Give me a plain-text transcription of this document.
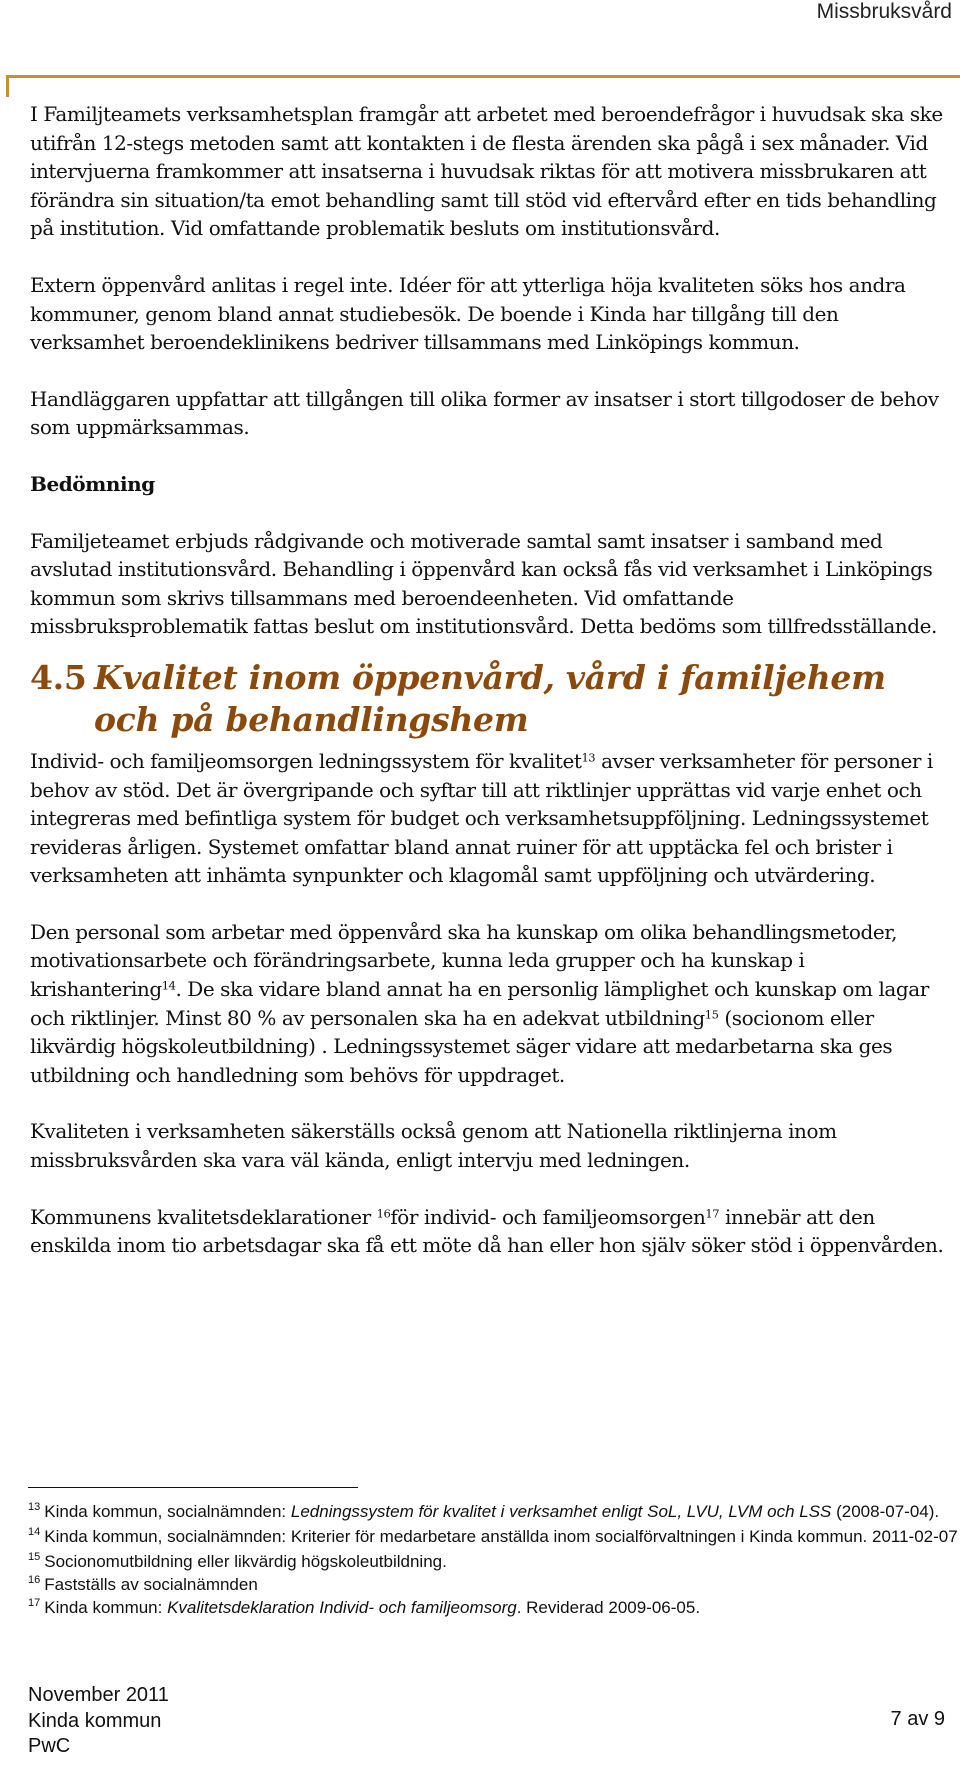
Missbruksvård

I Familjteamets verksamhetsplan framgår att arbetet med beroendefrågor i huvudsak ska ske utifrån 12-stegs metoden samt att kontakten i de flesta ärenden ska pågå i sex månader. Vid intervjuerna framkommer att insatserna i huvudsak riktas för att motivera missbrukaren att förändra sin situation/ta emot behandling samt till stöd vid eftervård efter en tids behandling på institution. Vid omfattande problematik besluts om institutionsvård.

Extern öppenvård anlitas i regel inte. Idéer för att ytterliga höja kvaliteten söks hos andra kommuner, genom bland annat studiebesök. De boende i Kinda har tillgång till den verksamhet beroendeklinikens bedriver tillsammans med Linköpings kommun.

Handläggaren uppfattar att tillgången till olika former av insatser i stort tillgodoser de behov som uppmärksammas.

Bedömning

Familjeteamet erbjuds rådgivande och motiverade samtal samt insatser i samband med avslutad institutionsvård. Behandling i öppenvård kan också fås vid verksamhet i Linköpings kommun som skrivs tillsammans med beroendeenheten. Vid omfattande missbruksproblematik fattas beslut om institutionsvård. Detta bedöms som tillfredsställande.

4.5 Kvalitet inom öppenvård, vård i familjehem
och på behandlingshem

Individ- och familjeomsorgen ledningssystem för kvalitet$^{13}$ avser verksamheter för personer i behov av stöd. Det är övergripande och syftar till att riktlinjer upprättas vid varje enhet och integreras med befintliga system för budget och verksamhetsuppföljning. Ledningssystemet revideras årligen. Systemet omfattar bland annat ruiner för att upptäcka fel och brister i verksamheten att inhämta synpunkter och klagomål samt uppföljning och utvärdering.

Den personal som arbetar med öppenvård ska ha kunskap om olika behandlingsmetoder, motivationsarbete och förändringsarbete, kunna leda grupper och ha kunskap i krishantering$^{14}$. De ska vidare bland annat ha en personlig lämplighet och kunskap om lagar och riktlinjer. Minst 80 % av personalen ska ha en adekvat utbildning$^{15}$ (socionom eller likvärdig högskoleutbildning) . Ledningssystemet säger vidare att medarbetarna ska ges utbildning och handledning som behövs för uppdraget.

Kvaliteten i verksamheten säkerställs också genom att Nationella riktlinjerna inom missbruksvården ska vara väl kända, enligt intervju med ledningen.

Kommunens kvalitetsdeklarationer $^{16}$för individ- och familjeomsorgen$^{17}$ innebär att den enskilda inom tio arbetsdagar ska få ett möte då han eller hon själv söker stöd i öppenvården.

$^{13}$ Kinda kommun, socialnämnden: Ledningssystem för kvalitet i verksamhet enligt SoL, LVU, LVM och LSS (2008-07-04).

$^{14}$ Kinda kommun, socialnämnden: Kriterier för medarbetare anställda inom socialförvaltningen i Kinda kommun. 2011-02-07

$^{15}$ Socionomutbildning eller likvärdig högskoleutbildning.

$^{16}$ Fastställs av socialnämnden

$^{17}$ Kinda kommun: Kvalitetsdeklaration Individ- och familjeomsorg. Reviderad 2009-06-05.

November 2011
Kinda kommun
PwC
7 av 9
